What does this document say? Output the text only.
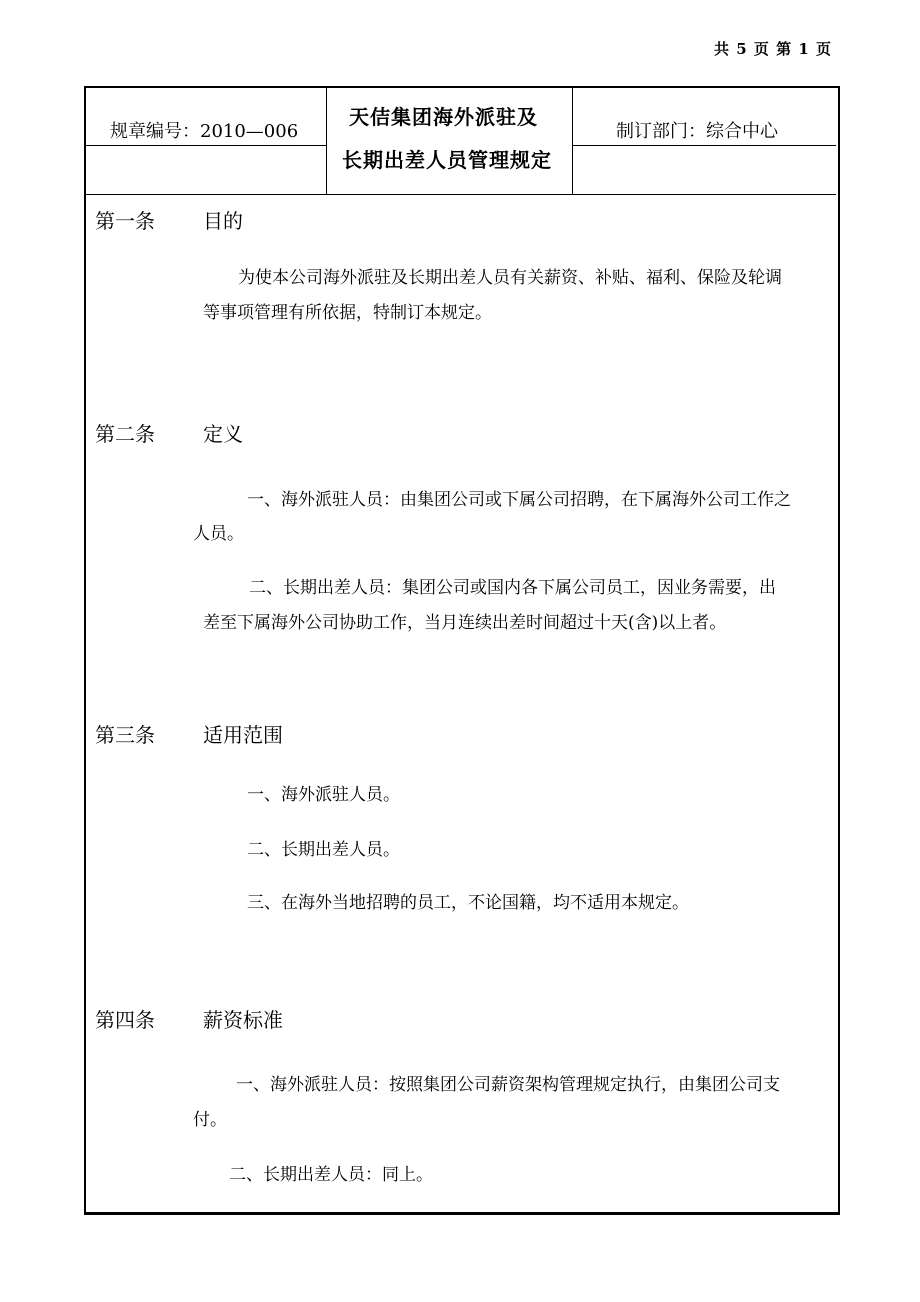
共 5 页 第 1 页
规章编号：2010—006
天佶集团海外派驻及
长期出差人员管理规定
制订部门：综合中心
第一条 目的
为使本公司海外派驻及长期出差人员有关薪资、补贴、福利、保险及轮调
等事项管理有所依据，特制订本规定。
第二条 定义
一、海外派驻人员：由集团公司或下属公司招聘，在下属海外公司工作之
人员。
二、长期出差人员：集团公司或国内各下属公司员工，因业务需要，出
差至下属海外公司协助工作，当月连续出差时间超过十天(含)以上者。
第三条 适用范围
一、海外派驻人员。
二、长期出差人员。
三、在海外当地招聘的员工，不论国籍，均不适用本规定。
第四条 薪资标准
一、海外派驻人员：按照集团公司薪资架构管理规定执行，由集团公司支
付。
二、长期出差人员：同上。
